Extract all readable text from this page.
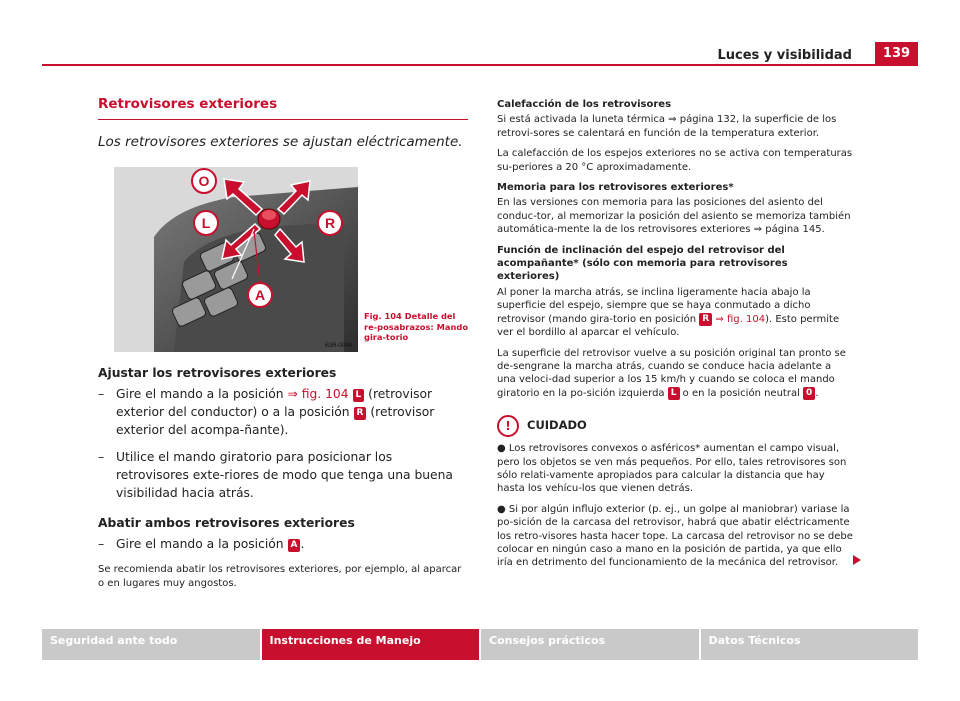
Luces y visibilidad	139
Retrovisores exteriores

Los retrovisores exteriores se ajustan eléctricamente.

O
L	R
A
B3R-0094
Fig. 104 Detalle del re-posabrazos: Mando gira-torio
Ajustar los retrovisores exteriores
– Gire el mando a la posición ⇒ fig. 104 L (retrovisor exterior del conductor) o a la posición R (retrovisor exterior del acompa-ñante).
– Utilice el mando giratorio para posicionar los retrovisores exte-riores de modo que tenga una buena visibilidad hacia atrás.
Abatir ambos retrovisores exteriores
– Gire el mando a la posición A .
Se recomienda abatir los retrovisores exteriores, por ejemplo, al aparcar o en lugares muy angostos.

Calefacción de los retrovisores

Si está activada la luneta térmica ⇒ página 132, la superficie de los retrovi-sores se calentará en función de la temperatura exterior.

La calefacción de los espejos exteriores no se activa con temperaturas su-periores a 20 °C aproximadamente.

Memoria para los retrovisores exteriores*

En las versiones con memoria para las posiciones del asiento del conduc-tor, al memorizar la posición del asiento se memoriza también automática-mente la de los retrovisores exteriores ⇒ página 145.

Función de inclinación del espejo del retrovisor del acompañante* (sólo con memoria para retrovisores exteriores)

Al poner la marcha atrás, se inclina ligeramente hacia abajo la superficie del espejo, siempre que se haya conmutado a dicho retrovisor (mando gira-torio en posición R ⇒ fig. 104). Esto permite ver el bordillo al aparcar el vehículo.

La superficie del retrovisor vuelve a su posición original tan pronto se de-sengrane la marcha atrás, cuando se conduce hacia adelante a una veloci-dad superior a los 15 km/h y cuando se coloca el mando giratorio en la po-sición izquierda L o en la posición neutral 0 .

!	CUIDADO

● Los retrovisores convexos o asféricos* aumentan el campo visual, pero los objetos se ven más pequeños. Por ello, tales retrovisores son sólo relati-vamente apropiados para calcular la distancia que hay hasta los vehícu-los que vienen detrás.

● Si por algún influjo exterior (p. ej., un golpe al maniobrar) variase la po-sición de la carcasa del retrovisor, habrá que abatir eléctricamente los retro-visores hasta hacer tope. La carcasa del retrovisor no se debe colocar en ningún caso a mano en la posición de partida, ya que ello iría en detrimento del funcionamiento de la mecánica del retrovisor.

Seguridad ante todo	Instrucciones de Manejo	Consejos prácticos	Datos Técnicos
